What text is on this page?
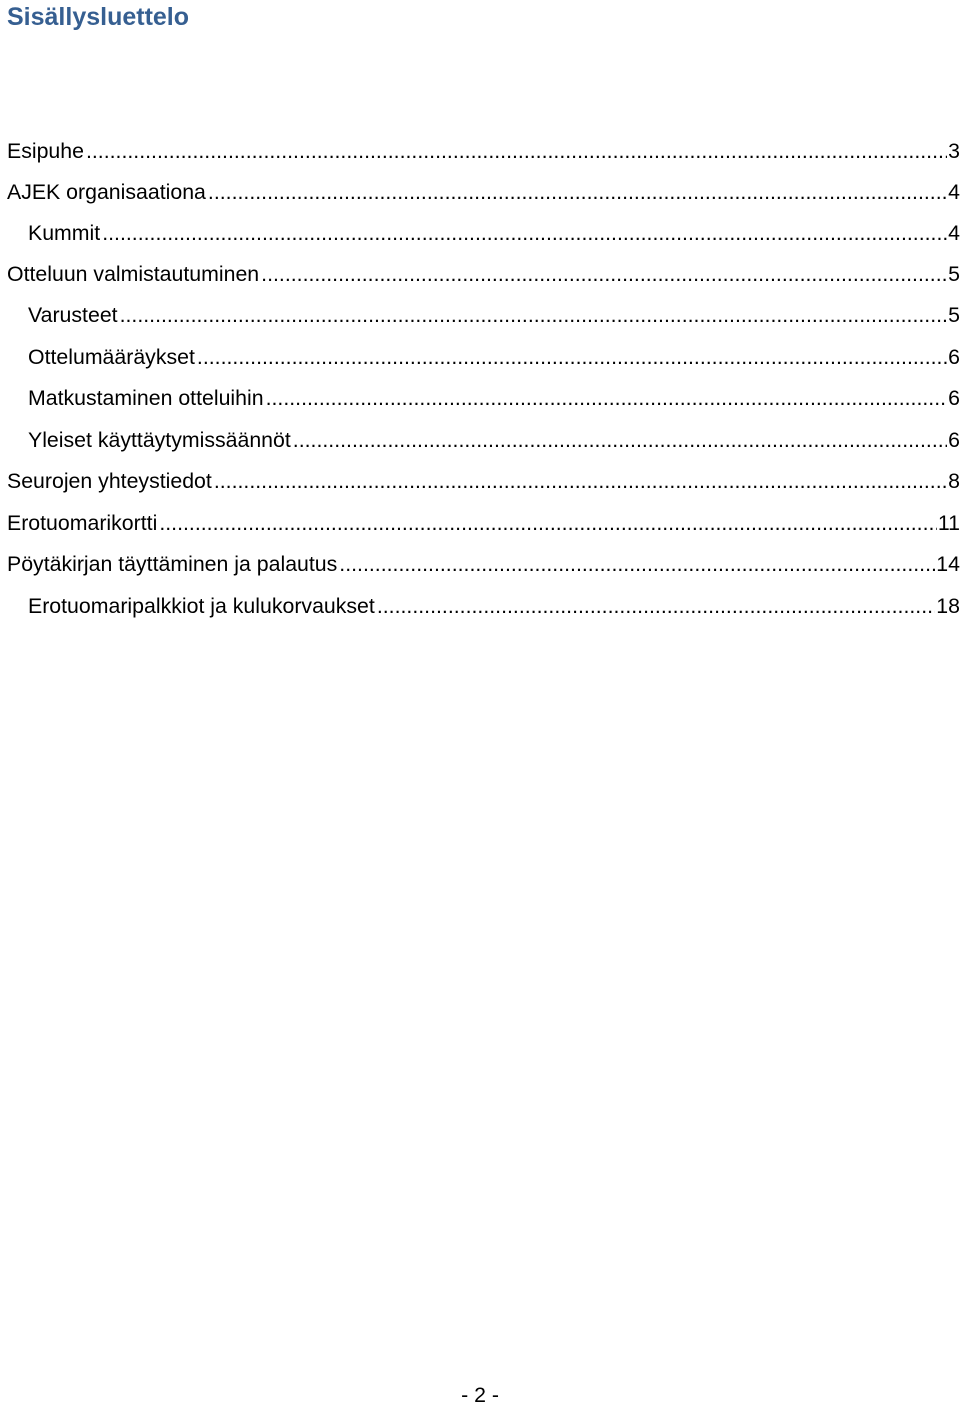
Sisällysluettelo
Esipuhe .....	3
AJEK organisaationa .....	4
Kummit .....	4
Otteluun valmistautuminen .....	5
Varusteet .....	5
Ottelumääräykset .....	6
Matkustaminen otteluihin .....	6
Yleiset käyttäytymissäännöt .....	6
Seurojen yhteystiedot .....	8
Erotuomarikortti .....	11
Pöytäkirjan täyttäminen ja palautus .....	14
Erotuomaripalkkiot ja kulukorvaukset .....	18
- 2 -
